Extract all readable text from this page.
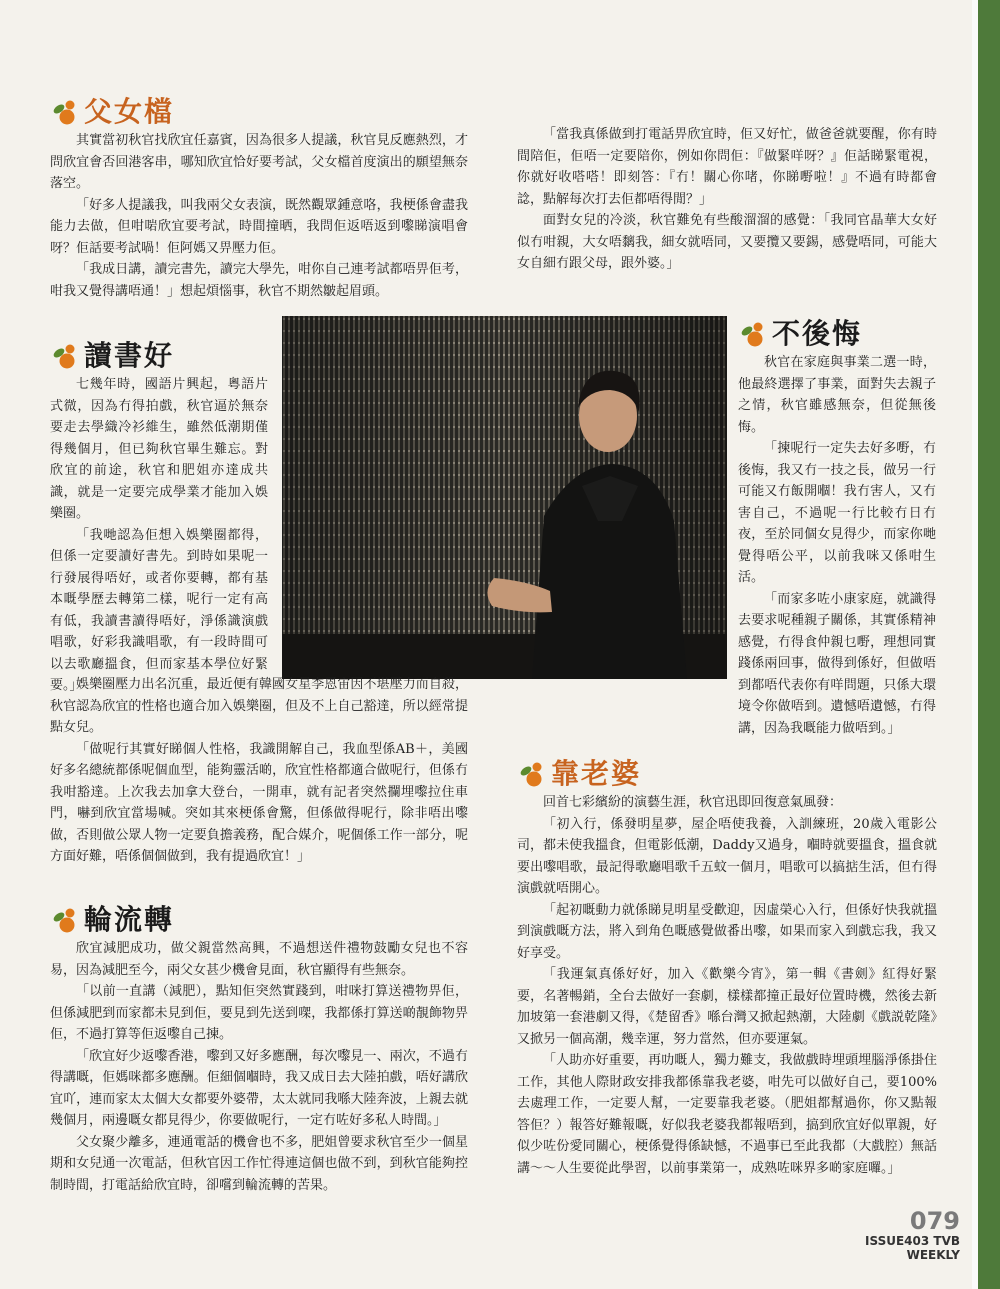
父女檔

其實當初秋官找欣宜任嘉賓，因為很多人提議，秋官見反應熱烈，才問欣宜會否回港客串，哪知欣宜恰好要考試，父女檔首度演出的願望無奈落空。

「好多人提議我，叫我兩父女表演，既然觀眾鍾意咯，我梗係會盡我能力去做，但咁啱欣宜要考試，時間撞晒，我問佢返唔返到嚟睇演唱會呀？佢話要考試喎！佢阿媽又畀壓力佢。

「我成日講，讀完書先，讀完大學先，咁你自己連考試都唔畀佢考，咁我又覺得講唔通！」想起煩惱事，秋官不期然皺起眉頭。

「當我真係做到打電話畀欣宜時，佢又好忙，做爸爸就要醒，你有時間陪佢，佢唔一定要陪你，例如你問佢：『做緊咩呀？』佢話睇緊電視，你就好收嗒嗒！即刻答：『冇！關心你啫，你睇嘢啦！』不過有時都會諗，點解每次打去佢都唔得閒？」

面對女兒的冷淡，秋官難免有些酸溜溜的感覺：「我同官晶華大女好似冇咁親，大女唔黐我，細女就唔同，又要攬又要錫，感覺唔同，可能大女自細冇跟父母，跟外婆。」

讀書好

七幾年時，國語片興起，粵語片式微，因為冇得拍戲，秋官逼於無奈要走去學織冷衫維生，雖然低潮期僅得幾個月，但已夠秋官畢生難忘。對欣宜的前途，秋官和肥姐亦達成共識，就是一定要完成學業才能加入娛樂圈。

「我哋認為佢想入娛樂圈都得，但係一定要讀好書先。到時如果呢一行發展得唔好，或者你要轉，都有基本嘅學歷去轉第二樣，呢行一定有高有低，我讀書讀得唔好，淨係識演戲唱歌，好彩我識唱歌，有一段時間可以去歌廳搵食，但而家基本學位好緊要。」

娛樂圈壓力出名沉重，最近便有韓國女星李恩宙因不堪壓力而自殺，秋官認為欣宜的性格也適合加入娛樂圈，但及不上自己豁達，所以經常提點女兒。

「做呢行其實好睇個人性格，我識開解自己，我血型係AB＋，美國好多名總統都係呢個血型，能夠靈活啲，欣宜性格都適合做呢行，但係冇我咁豁達。上次我去加拿大登台，一開車，就有記者突然攔埋嚟拉住車門，嚇到欣宜當場喊。突如其來梗係會驚，但係做得呢行，除非唔出嚟做，否則做公眾人物一定要負擔義務，配合媒介，呢個係工作一部分，呢方面好難，唔係個個做到，我有提過欣宜！」

不後悔

秋官在家庭與事業二選一時，他最終選擇了事業，面對失去親子之情，秋官雖感無奈，但從無後悔。

「揀呢行一定失去好多嘢，冇後悔，我又冇一技之長，做另一行可能又冇飯開嗰！我冇害人，又冇害自己，不過呢一行比較冇日冇夜，至於同個女見得少，而家你哋覺得唔公平，以前我咪又係咁生活。

「而家多咗小康家庭，就識得去要求呢種親子關係，其實係精神感覺，冇得食仲親乜嘢，理想同實踐係兩回事，做得到係好，但做唔到都唔代表你有咩問題，只係大環境令你做唔到。遺憾唔遺憾，冇得講，因為我嘅能力做唔到。」

輪流轉

欣宜減肥成功，做父親當然高興，不過想送件禮物鼓勵女兒也不容易，因為減肥至今，兩父女甚少機會見面，秋官顯得有些無奈。

「以前一直講（減肥），點知佢突然實踐到，咁咪打算送禮物畀佢，但係減肥到而家都未見到佢，要見到先送到㗎，我都係打算送啲靚飾物畀佢，不過打算等佢返嚟自己揀。

「欣宜好少返嚟香港，嚟到又好多應酬，每次嚟見一、兩次，不過冇得講嘅，佢媽咪都多應酬。佢細個嗰時，我又成日去大陸拍戲，唔好講欣宜吖，連而家太太個大女都要外婆帶，太太就同我喺大陸奔波，上親去就幾個月，兩邊嘅女都見得少，你要做呢行，一定冇咗好多私人時間。」

父女聚少離多，連通電話的機會也不多，肥姐曾要求秋官至少一個星期和女兒通一次電話，但秋官因工作忙得連這個也做不到，到秋官能夠控制時間，打電話給欣宜時，卻嚐到輪流轉的苦果。

靠老婆

回首七彩繽紛的演藝生涯，秋官迅即回復意氣風發：

「初入行，係發明星夢，屋企唔使我養，入訓練班，20歲入電影公司，都未使我搵食，但電影低潮，Daddy又過身，嗰時就要搵食，搵食就要出嚟唱歌，最記得歌廳唱歌千五蚊一個月，唱歌可以搞掂生活，但冇得演戲就唔開心。

「起初嘅動力就係睇見明星受歡迎，因虛榮心入行，但係好快我就搵到演戲嘅方法，將入到角色嘅感覺做番出嚟，如果而家入到戲忘我，我又好享受。

「我運氣真係好好，加入《歡樂今宵》，第一輯《書劍》紅得好緊要，名著暢銷，全台去做好一套劇，樣樣都撞正最好位置時機，然後去新加坡第一套港劇又得，《楚留香》喺台灣又掀起熱潮，大陸劇《戲説乾隆》又掀另一個高潮，幾幸運，努力當然，但亦要運氣。

「人助亦好重要，再叻嘅人，獨力難支，我做戲時埋頭埋腦淨係掛住工作，其他人際財政安排我都係靠我老婆，咁先可以做好自己，要100%去處理工作，一定要人幫，一定要靠我老婆。（肥姐都幫過你，你又點報答佢？）報答好難報嘅，好似我老婆我都報唔到，搞到欣宜好似單親，好似少咗份愛同關心，梗係覺得係缺憾，不過事已至此我都（大戲腔）無話講～～人生要從此學習，以前事業第一，成熟咗咪界多啲家庭囉。」

079
ISSUE403 TVB WEEKLY
